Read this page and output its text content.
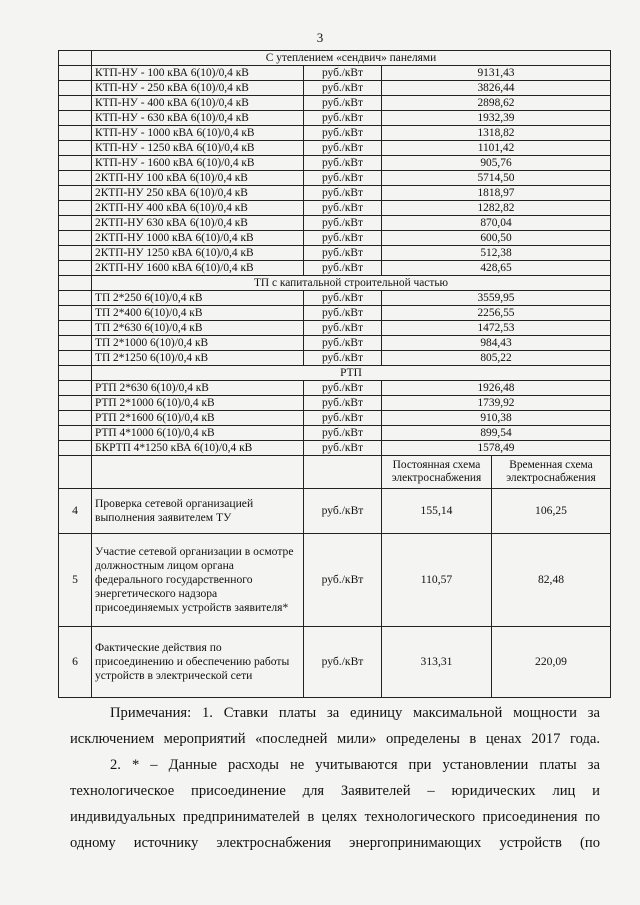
3
	С утеплением «сендвич» панелями			
	КТП-НУ - 100 кВА 6(10)/0,4 кВ	руб./кВт	9131,43	
	КТП-НУ - 250 кВА 6(10)/0,4 кВ	руб./кВт	3826,44	
	КТП-НУ - 400 кВА 6(10)/0,4 кВ	руб./кВт	2898,62	
	КТП-НУ - 630 кВА 6(10)/0,4 кВ	руб./кВт	1932,39	
	КТП-НУ - 1000 кВА 6(10)/0,4 кВ	руб./кВт	1318,82	
	КТП-НУ - 1250 кВА 6(10)/0,4 кВ	руб./кВт	1101,42	
	КТП-НУ - 1600 кВА 6(10)/0,4 кВ	руб./кВт	905,76	
	2КТП-НУ 100 кВА 6(10)/0,4 кВ	руб./кВт	5714,50	
	2КТП-НУ 250 кВА 6(10)/0,4 кВ	руб./кВт	1818,97	
	2КТП-НУ 400 кВА 6(10)/0,4 кВ	руб./кВт	1282,82	
	2КТП-НУ 630 кВА 6(10)/0,4 кВ	руб./кВт	870,04	
	2КТП-НУ 1000 кВА 6(10)/0,4 кВ	руб./кВт	600,50	
	2КТП-НУ 1250 кВА 6(10)/0,4 кВ	руб./кВт	512,38	
	2КТП-НУ 1600 кВА 6(10)/0,4 кВ	руб./кВт	428,65	
	ТП с капитальной строительной частью			
	ТП 2*250 6(10)/0,4 кВ	руб./кВт	3559,95	
	ТП 2*400 6(10)/0,4 кВ	руб./кВт	2256,55	
	ТП 2*630 6(10)/0,4 кВ	руб./кВт	1472,53	
	ТП 2*1000 6(10)/0,4 кВ	руб./кВт	984,43	
	ТП 2*1250 6(10)/0,4 кВ	руб./кВт	805,22	
	РТП			
	РТП 2*630 6(10)/0,4 кВ	руб./кВт	1926,48	
	РТП 2*1000 6(10)/0,4 кВ	руб./кВт	1739,92	
	РТП 2*1600 6(10)/0,4 кВ	руб./кВт	910,38	
	РТП 4*1000 6(10)/0,4 кВ	руб./кВт	899,54	
	БКРТП 4*1250 кВА 6(10)/0,4 кВ	руб./кВт	1578,49	
			Постоянная схема электроснабжения	Временная схема электроснабжения
4	Проверка сетевой организацией выполнения заявителем ТУ	руб./кВт	155,14	106,25
5	Участие сетевой организации в осмотре должностным лицом органа федерального государственного энергетического надзора присоединяемых устройств заявителя*	руб./кВт	110,57	82,48
6	Фактические действия по присоединению и обеспечению работы устройств в электрической сети	руб./кВт	313,31	220,09

Примечания: 1. Ставки платы за единицу максимальной мощности за

исключением мероприятий «последней мили» определены в ценах 2017 года.

2. * – Данные расходы не учитываются при установлении платы за

технологическое присоединение для Заявителей – юридических лиц и

индивидуальных предпринимателей в целях технологического присоединения по

одному источнику электроснабжения энергопринимающих устройств (по
